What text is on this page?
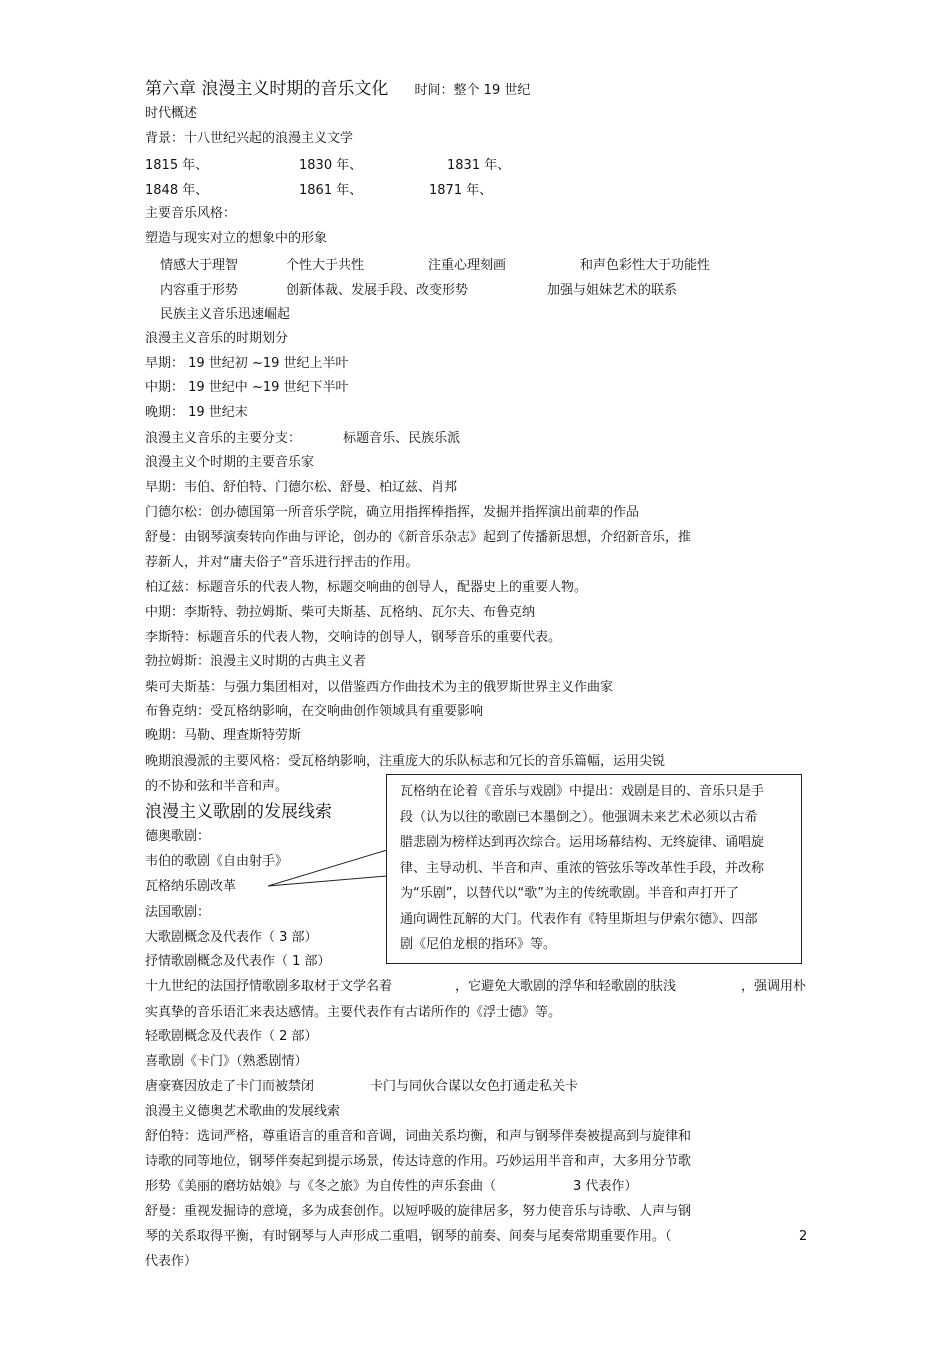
第六章 浪漫主义时期的音乐文化 时间：整个 19 世纪

时代概述

背景：十八世纪兴起的浪漫主义文学

1815 年、	1830 年、	1831 年、
1848 年、	1861 年、	1871 年、

主要音乐风格：

塑造与现实对立的想象中的形象

情感大于理智	个性大于共性	注重心理刻画	和声色彩性大于功能性
内容重于形势	创新体裁、发展手段、改变形势	加强与姐妹艺术的联系

民族主义音乐迅速崛起

浪漫主义音乐的时期划分

早期： 19 世纪初 ~19 世纪上半叶

中期： 19 世纪中 ~19 世纪下半叶

晚期： 19 世纪末

浪漫主义音乐的主要分支：	标题音乐、民族乐派

浪漫主义个时期的主要音乐家

早期：韦伯、舒伯特、门德尔松、舒曼、柏辽兹、肖邦

门德尔松：创办德国第一所音乐学院，确立用指挥棒指挥，发掘并指挥演出前辈的作品

舒曼：由钢琴演奏转向作曲与评论，创办的《新音乐杂志》起到了传播新思想，介绍新音乐，推

荐新人，并对“庸夫俗子“音乐进行抨击的作用。

柏辽兹：标题音乐的代表人物，标题交响曲的创导人，配器史上的重要人物。

中期：李斯特、勃拉姆斯、柴可夫斯基、瓦格纳、瓦尔夫、布鲁克纳

李斯特：标题音乐的代表人物，交响诗的创导人，钢琴音乐的重要代表。

勃拉姆斯：浪漫主义时期的古典主义者

柴可夫斯基：与强力集团相对，以借鉴西方作曲技术为主的俄罗斯世界主义作曲家

布鲁克纳：受瓦格纳影响，在交响曲创作领域具有重要影响

晚期：马勒、理查斯特劳斯

晚期浪漫派的主要风格：受瓦格纳影响，注重庞大的乐队标志和冗长的音乐篇幅，运用尖锐

的不协和弦和半音和声。

浪漫主义歌剧的发展线索

德奥歌剧：

韦伯的歌剧《自由射手》

瓦格纳乐剧改革

法国歌剧：

大歌剧概念及代表作（ 3 部）

抒情歌剧概念及代表作（ 1 部）

十九世纪的法国抒情歌剧多取材于文学名着	，它避免大歌剧的浮华和轻歌剧的肤浅	，强调用朴

实真挚的音乐语汇来表达感情。主要代表作有古诺所作的《浮士德》等。

轻歌剧概念及代表作（ 2 部）

喜歌剧《卡门》（熟悉剧情）

唐豪赛因放走了卡门而被禁闭	卡门与同伙合谋以女色打通走私关卡

浪漫主义德奥艺术歌曲的发展线索

舒伯特：选词严格，尊重语言的重音和音调，词曲关系均衡，和声与钢琴伴奏被提高到与旋律和

诗歌的同等地位，钢琴伴奏起到提示场景，传达诗意的作用。巧妙运用半音和声，大多用分节歌

形势《美丽的磨坊姑娘》与《冬之旅》为自传性的声乐套曲（	3 代表作）

舒曼：重视发掘诗的意境，多为成套创作。以短呼吸的旋律居多，努力使音乐与诗歌、人声与钢

琴的关系取得平衡，有时钢琴与人声形成二重唱，钢琴的前奏、间奏与尾奏常期重要作用。（	2

代表作）

瓦格纳在论着《音乐与戏剧》中提出：戏剧是目的、音乐只是手

段（认为以往的歌剧已本墨倒之）。他强调未来艺术必须以古希

腊悲剧为榜样达到再次综合。运用场幕结构、无终旋律、诵唱旋

律、主导动机、半音和声、重浓的管弦乐等改革性手段，并改称

为“乐剧”，以替代以“歌”为主的传统歌剧。半音和声打开了

通向调性瓦解的大门。代表作有《特里斯坦与伊索尔德》、四部

剧《尼伯龙根的指环》等。
